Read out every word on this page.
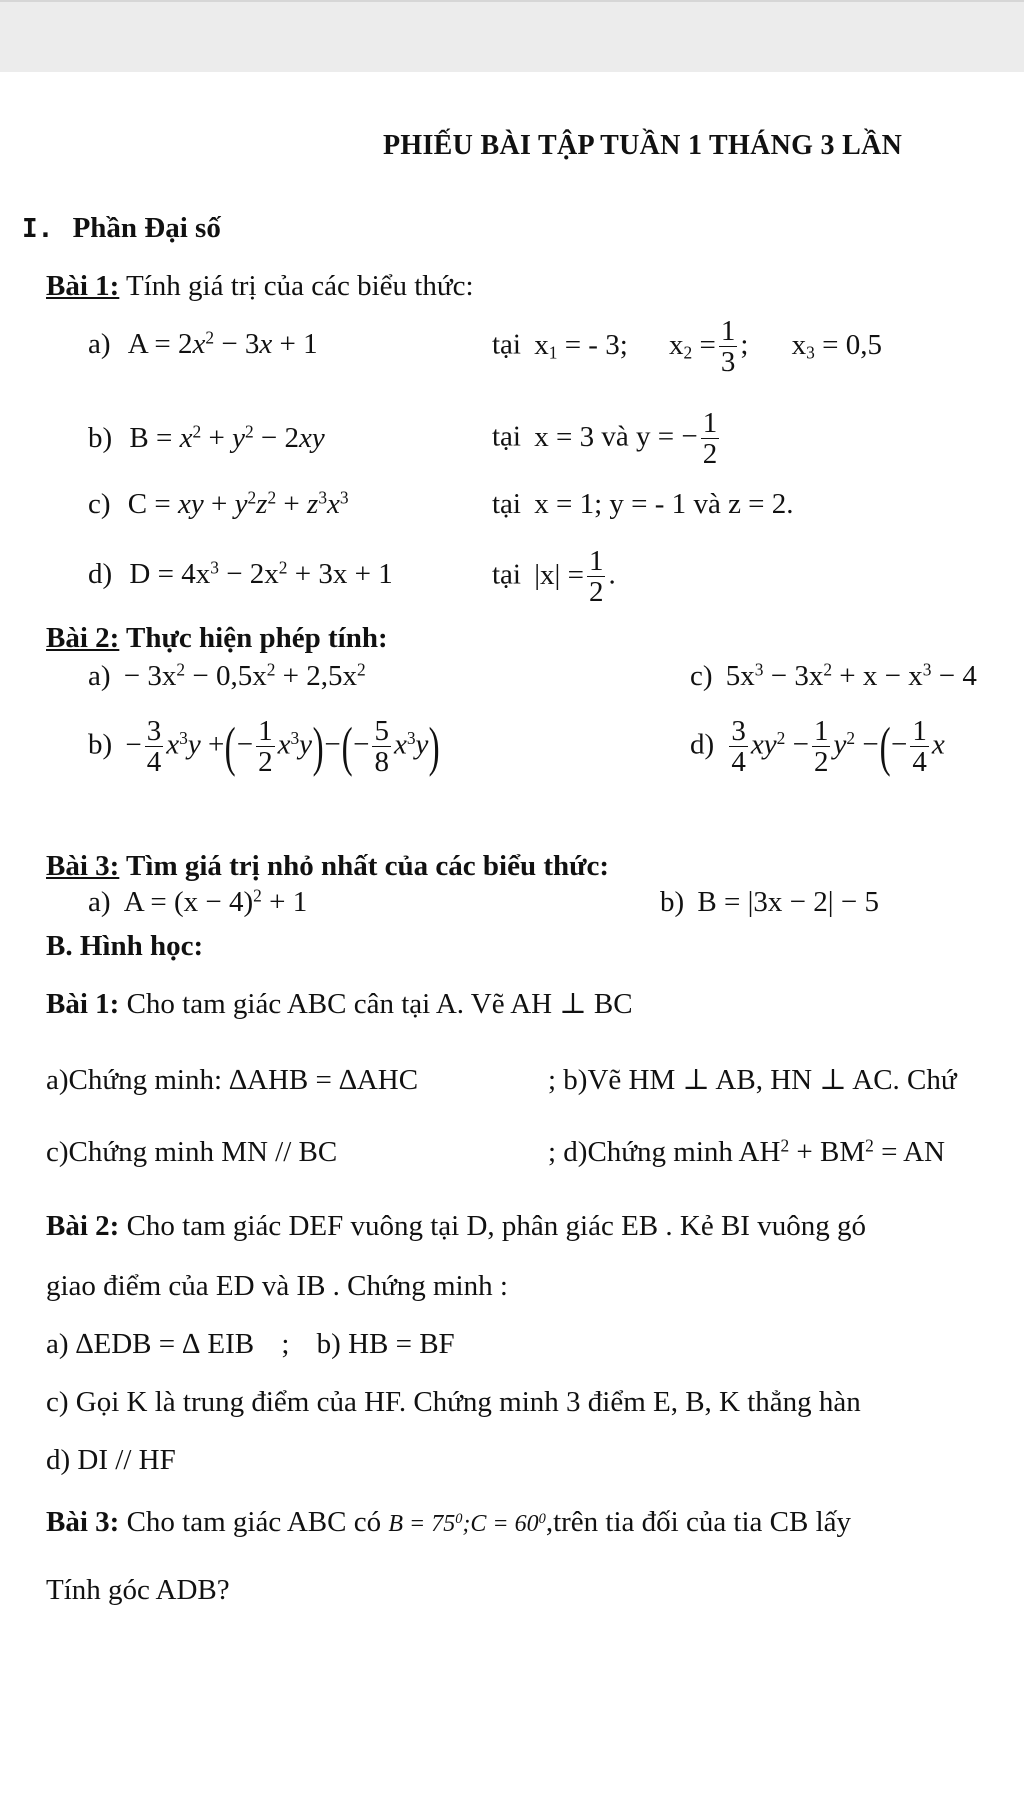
PHIẾU BÀI TẬP TUẦN 1 THÁNG 3 LẦN
I. Phần Đại số
Bài 1: Tính giá trị của các biểu thức:
a) $A = 2x^2 - 3x + 1$	tại $x_1$ = - 3; $x_2 = \frac{1}{3}$ ; $x_3 = 0,5$
b) $B = x^2 + y^2 - 2xy$	tại x = 3 và y = − $\frac{1}{2}$
c) C = xy + $y^2z^2 + z^3x^3$	tại x = 1; y = - 1 và z = 2.
d) $D = 4x^3 - 2x^2 + 3x + 1$	tại $|x| = \frac{1}{2}$ .
Bài 2: Thực hiện phép tính:
$a) - 3x^2 - 0,5x^2 + 2,5x^2$	c) $5x^3 - 3x^2 + x - x^3 - 4$
$b) - \frac{3}{4} x^3y$ +(− $\frac{1}{2} x^3y)-(- \frac{5}{8} x^3y)$	$d) \frac{3}{4} xy^2 - \frac{1}{2} y^2$ −(− $\frac{1}{4}$ x
Bài 3: Tìm giá trị nhỏ nhất của các biểu thức:
a) $A = (x - 4)^2 + 1$	b) B = |3x − 2| − 5
B. Hình học:
Bài 1: Cho tam giác ABC cân tại A. Vẽ AH ⊥ BC
a)Chứng minh: ∆AHB = ∆AHC	; b)Vẽ HM ⊥ AB, HN ⊥ AC. Chứ
c)Chứng minh MN // BC	; d)Chứng minh $AH^2 + BM^2$ = AN
Bài 2: Cho tam giác DEF vuông tại D, phân giác EB . Kẻ BI vuông gó
giao điểm của ED và IB . Chứng minh :
a) ∆EDB = ∆ EIB ; b) HB = BF
c) Gọi K là trung điểm của HF. Chứng minh 3 điểm E, B, K thẳng hàn
d) DI // HF
Bài 3: Cho tam giác ABC có $B = 75^0;C$ = $60^0,trên$ tia đối của tia CB lấy
Tính góc ADB?
